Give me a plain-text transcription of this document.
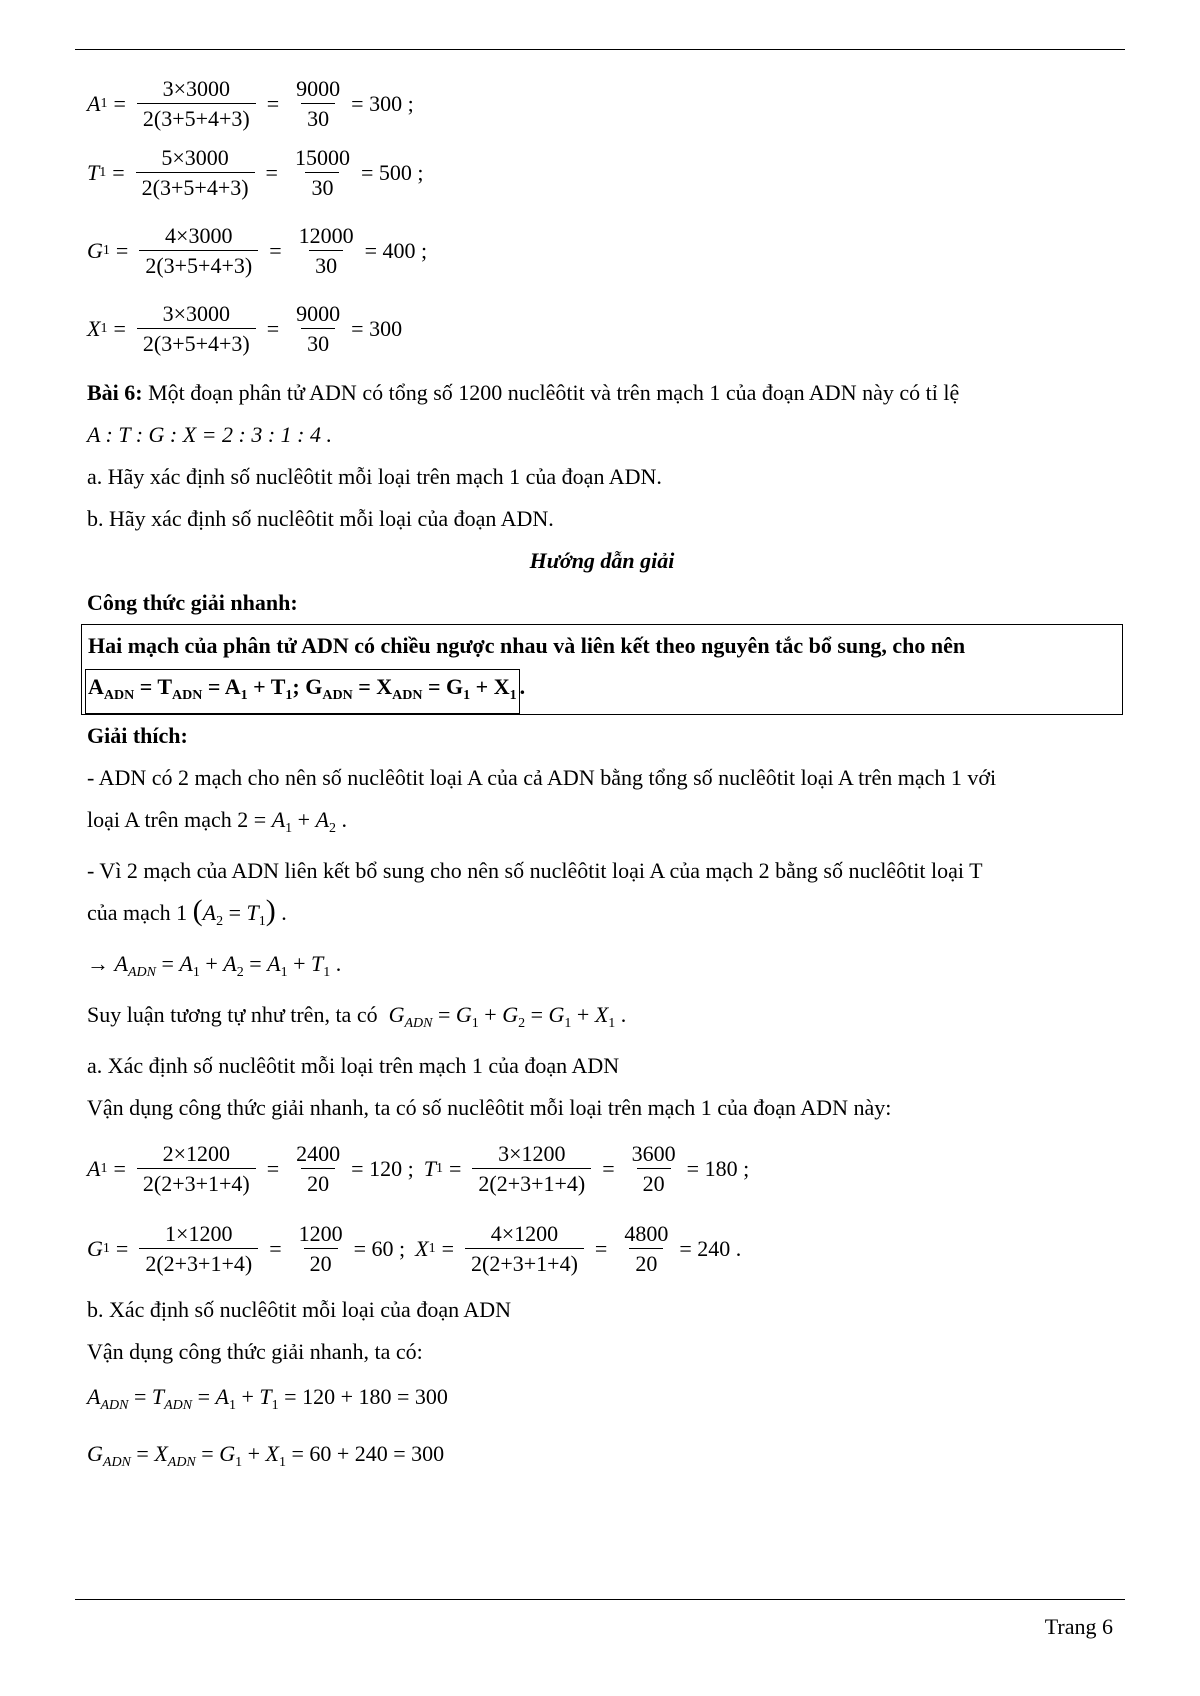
A $1 = \frac{3\times 3000}{2(3+5+4+3)} = \frac{9000}{30} = 300$ ;
T $1 = \frac{5\times 3000}{2(3+5+4+3)} = \frac{15000}{30} = 500$ ;
G $1 = \frac{4\times 3000}{2(3+5+4+3)} = \frac{12000}{30} = 400$ ;
X $1 = \frac{3\times 3000}{2(3+5+4+3)} = \frac{9000}{30} = 300$

Bài 6: Một đoạn phân tử ADN có tổng số 1200 nuclêôtit và trên mạch 1 của đoạn ADN này có tỉ lệ

A : T : G : X = 2 : 3 : 1 : 4 .

a. Hãy xác định số nuclêôtit mỗi loại trên mạch 1 của đoạn ADN.

b. Hãy xác định số nuclêôtit mỗi loại của đoạn ADN.

Hướng dẫn giải

Công thức giải nhanh:

Hai mạch của phân tử ADN có chiều ngược nhau và liên kết theo nguyên tắc bổ sung, cho nên
$A_{ADN} = T_{ADN} = A_1 + T_1$; $G_{ADN} = X_{ADN} = G_1 + X_1$ .

Giải thích:

- ADN có 2 mạch cho nên số nuclêôtit loại A của cả ADN bằng tổng số nuclêôtit loại A trên mạch 1 với

loại A trên mạch $2 = A_1 + A_2$ .

- Vì 2 mạch của ADN liên kết bổ sung cho nên số nuclêôtit loại A của mạch 2 bằng số nuclêôtit loại T

của mạch 1 $(A_2 = T_1)$ .

→ $A_{ADN} = A_1 + A_2 = A_1 + T_1$ .

Suy luận tương tự như trên, ta có $G_{ADN} = G_1 + G_2 = G_1 + X_1$ .

a. Xác định số nuclêôtit mỗi loại trên mạch 1 của đoạn ADN

Vận dụng công thức giải nhanh, ta có số nuclêôtit mỗi loại trên mạch 1 của đoạn ADN này:

A $1 = \frac{2\times 1200}{2(2+3+1+4)} = \frac{2400}{20} = 120$ ; T $1 = \frac{3\times 1200}{2(2+3+1+4)} = \frac{3600}{20} = 180$ ;
G $1 = \frac{1\times 1200}{2(2+3+1+4)} = \frac{1200}{20} = 60$ ; X $1 = \frac{4\times 1200}{2(2+3+1+4)} = \frac{4800}{20} = 240$ .

b. Xác định số nuclêôtit mỗi loại của đoạn ADN

Vận dụng công thức giải nhanh, ta có:

$A_{ADN} = T_{ADN} = A_1 + T_1 = 120 + 180 = 300$

$G_{ADN} = X_{ADN} = G_1 + X_1 = 60 + 240 = 300$

Trang 6
